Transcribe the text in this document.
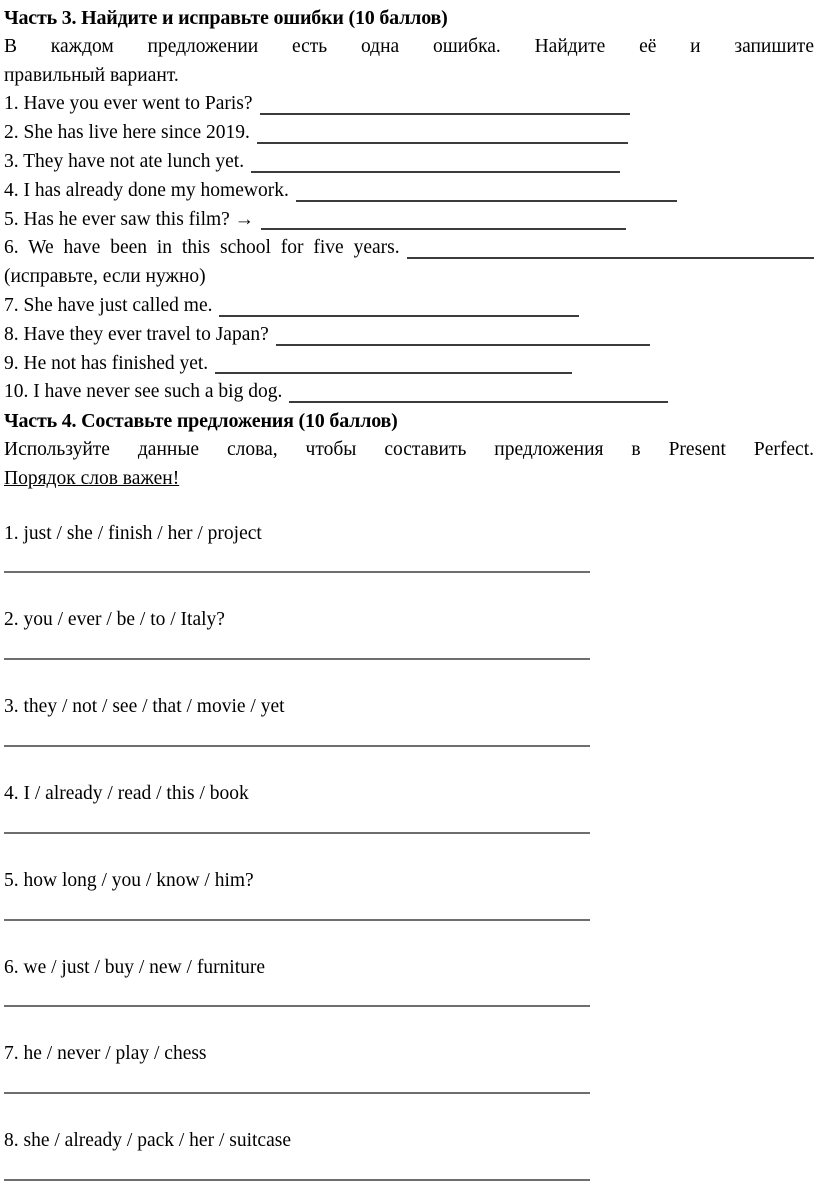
Часть 3. Найдите и исправьте ошибки (10 баллов)
В каждом предложении есть одна ошибка. Найдите её и запишите
правильный вариант.
1. Have you ever went to Paris?
2. She has live here since 2019.
3. They have not ate lunch yet.
4. I has already done my homework.
5. Has he ever saw this film? →
6. We have been in this school for five years.
(исправьте, если нужно)
7. She have just called me.
8. Have they ever travel to Japan?
9. He not has finished yet.
10. I have never see such a big dog.
Часть 4. Составьте предложения (10 баллов)
Используйте данные слова, чтобы составить предложения в Present Perfect.
Порядок слов важен!
1. just / she / finish / her / project
2. you / ever / be / to / Italy?
3. they / not / see / that / movie / yet
4. I / already / read / this / book
5. how long / you / know / him?
6. we / just / buy / new / furniture
7. he / never / play / chess
8. she / already / pack / her / suitcase
